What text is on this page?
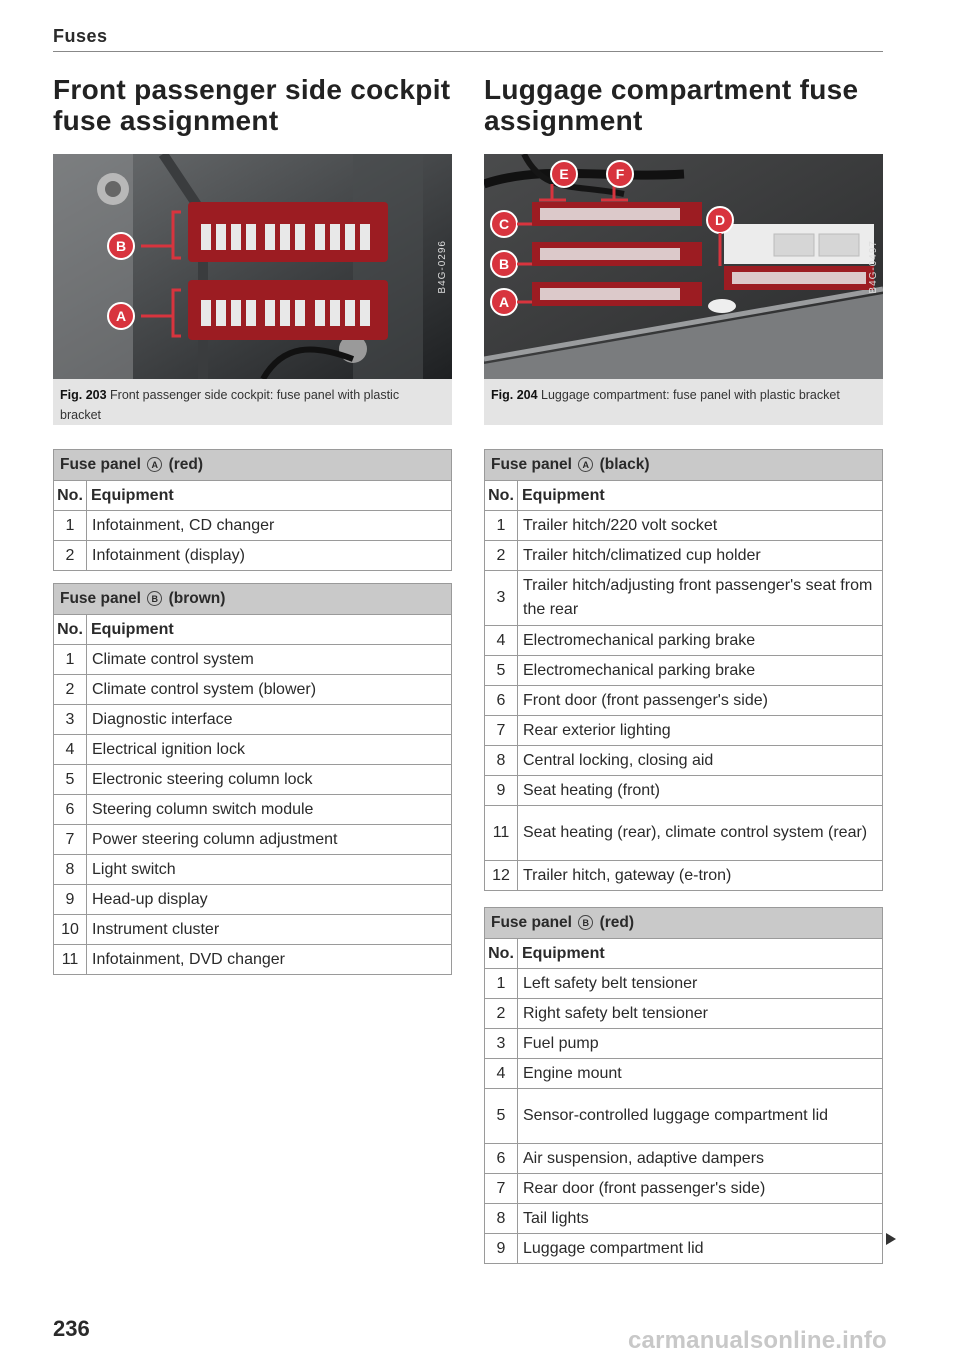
Fuses
Front passenger side cockpit fuse assignment
B
A
B4G-0296
Fig. 203 Front passenger side cockpit: fuse panel with plastic bracket
Fuse panel A (red)	
No.	Equipment
1	Infotainment, CD changer
2	Infotainment (display)
Fuse panel B (brown)	
No.	Equipment
1	Climate control system
2	Climate control system (blower)
3	Diagnostic interface
4	Electrical ignition lock
5	Electronic steering column lock
6	Steering column switch module
7	Power steering column adjustment
8	Light switch
9	Head-up display
10	Instrument cluster
11	Infotainment, DVD changer
Luggage compartment fuse assignment
E	F
C
B
A
D
B4G-0497
Fig. 204 Luggage compartment: fuse panel with plastic bracket
Fuse panel A (black)	
No.	Equipment
1	Trailer hitch/220 volt socket
2	Trailer hitch/climatized cup holder
3	Trailer hitch/adjusting front passenger's seat from the rear
4	Electromechanical parking brake
5	Electromechanical parking brake
6	Front door (front passenger's side)
7	Rear exterior lighting
8	Central locking, closing aid
9	Seat heating (front)
11	Seat heating (rear), climate control system (rear)
12	Trailer hitch, gateway (e-tron)
Fuse panel B (red)	
No.	Equipment
1	Left safety belt tensioner
2	Right safety belt tensioner
3	Fuel pump
4	Engine mount
5	Sensor-controlled luggage compartment lid
6	Air suspension, adaptive dampers
7	Rear door (front passenger's side)
8	Tail lights
9	Luggage compartment lid
236	carmanualsonline.info
